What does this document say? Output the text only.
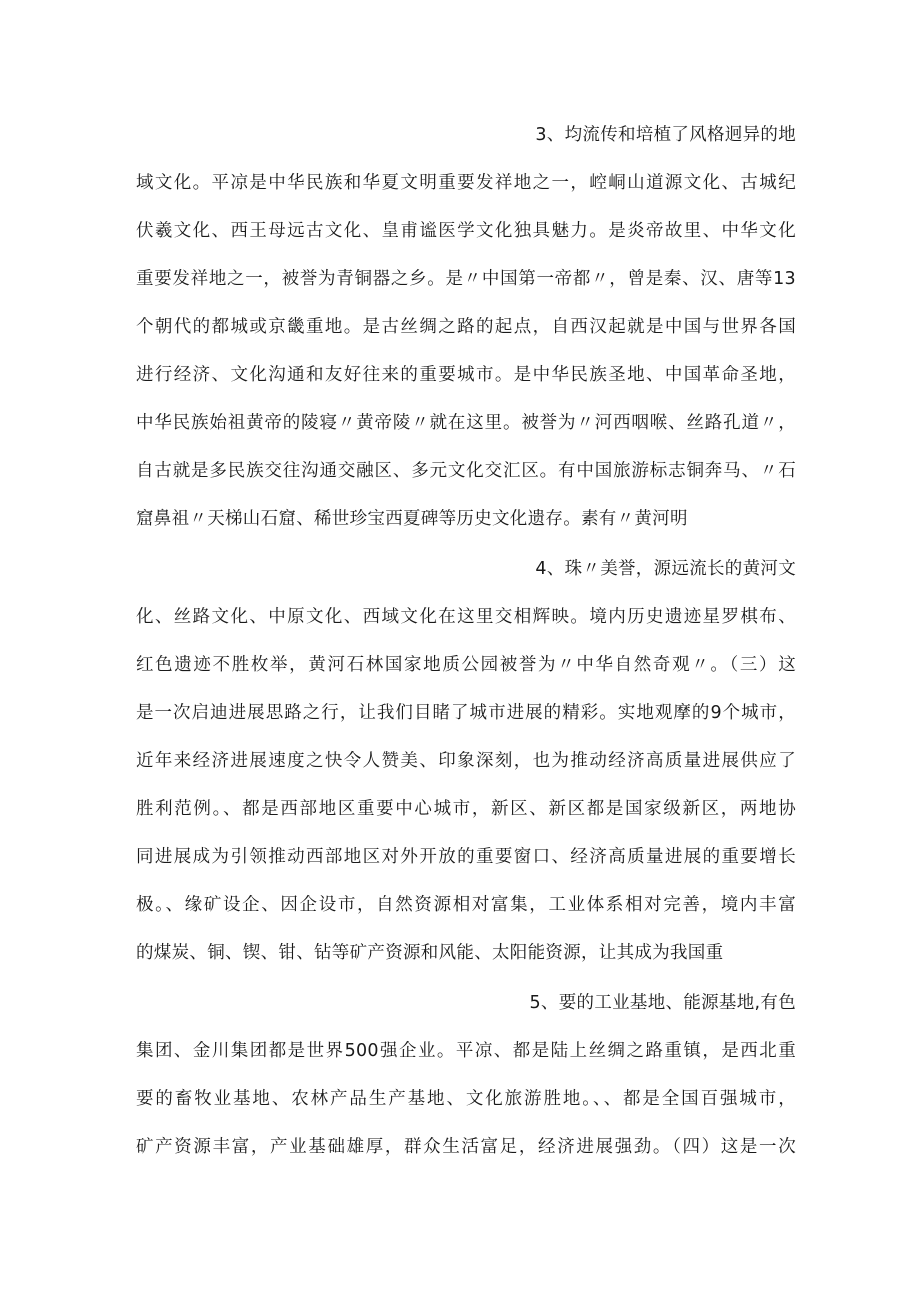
3、均流传和培植了风格迥异的地
域文化。平凉是中华民族和华夏文明重要发祥地之一，崆峒山道源文化、古城纪
伏羲文化、西王母远古文化、皇甫谧医学文化独具魅力。是炎帝故里、中华文化
重要发祥地之一，被誉为青铜器之乡。是〃中国第一帝都〃，曾是秦、汉、唐等13
个朝代的都城或京畿重地。是古丝绸之路的起点，自西汉起就是中国与世界各国
进行经济、文化沟通和友好往来的重要城市。是中华民族圣地、中国革命圣地，
中华民族始祖黄帝的陵寝〃黄帝陵〃就在这里。被誉为〃河西咽喉、丝路孔道〃，
自古就是多民族交往沟通交融区、多元文化交汇区。有中国旅游标志铜奔马、〃石
窟鼻祖〃天梯山石窟、稀世珍宝西夏碑等历史文化遗存。素有〃黄河明
4、珠〃美誉，源远流长的黄河文
化、丝路文化、中原文化、西域文化在这里交相辉映。境内历史遗迹星罗棋布、
红色遗迹不胜枚举，黄河石林国家地质公园被誉为〃中华自然奇观〃。（三）这
是一次启迪进展思路之行，让我们目睹了城市进展的精彩。实地观摩的9个城市，
近年来经济进展速度之快令人赞美、印象深刻，也为推动经济高质量进展供应了
胜利范例。、都是西部地区重要中心城市，新区、新区都是国家级新区，两地协
同进展成为引领推动西部地区对外开放的重要窗口、经济高质量进展的重要增长
极。、缘矿设企、因企设市，自然资源相对富集，工业体系相对完善，境内丰富
的煤炭、铜、锲、钳、钻等矿产资源和风能、太阳能资源，让其成为我国重
5、要的工业基地、能源基地,有色
集团、金川集团都是世界500强企业。平凉、都是陆上丝绸之路重镇，是西北重
要的畜牧业基地、农林产品生产基地、文化旅游胜地。、、都是全国百强城市，
矿产资源丰富，产业基础雄厚，群众生活富足，经济进展强劲。（四）这是一次
